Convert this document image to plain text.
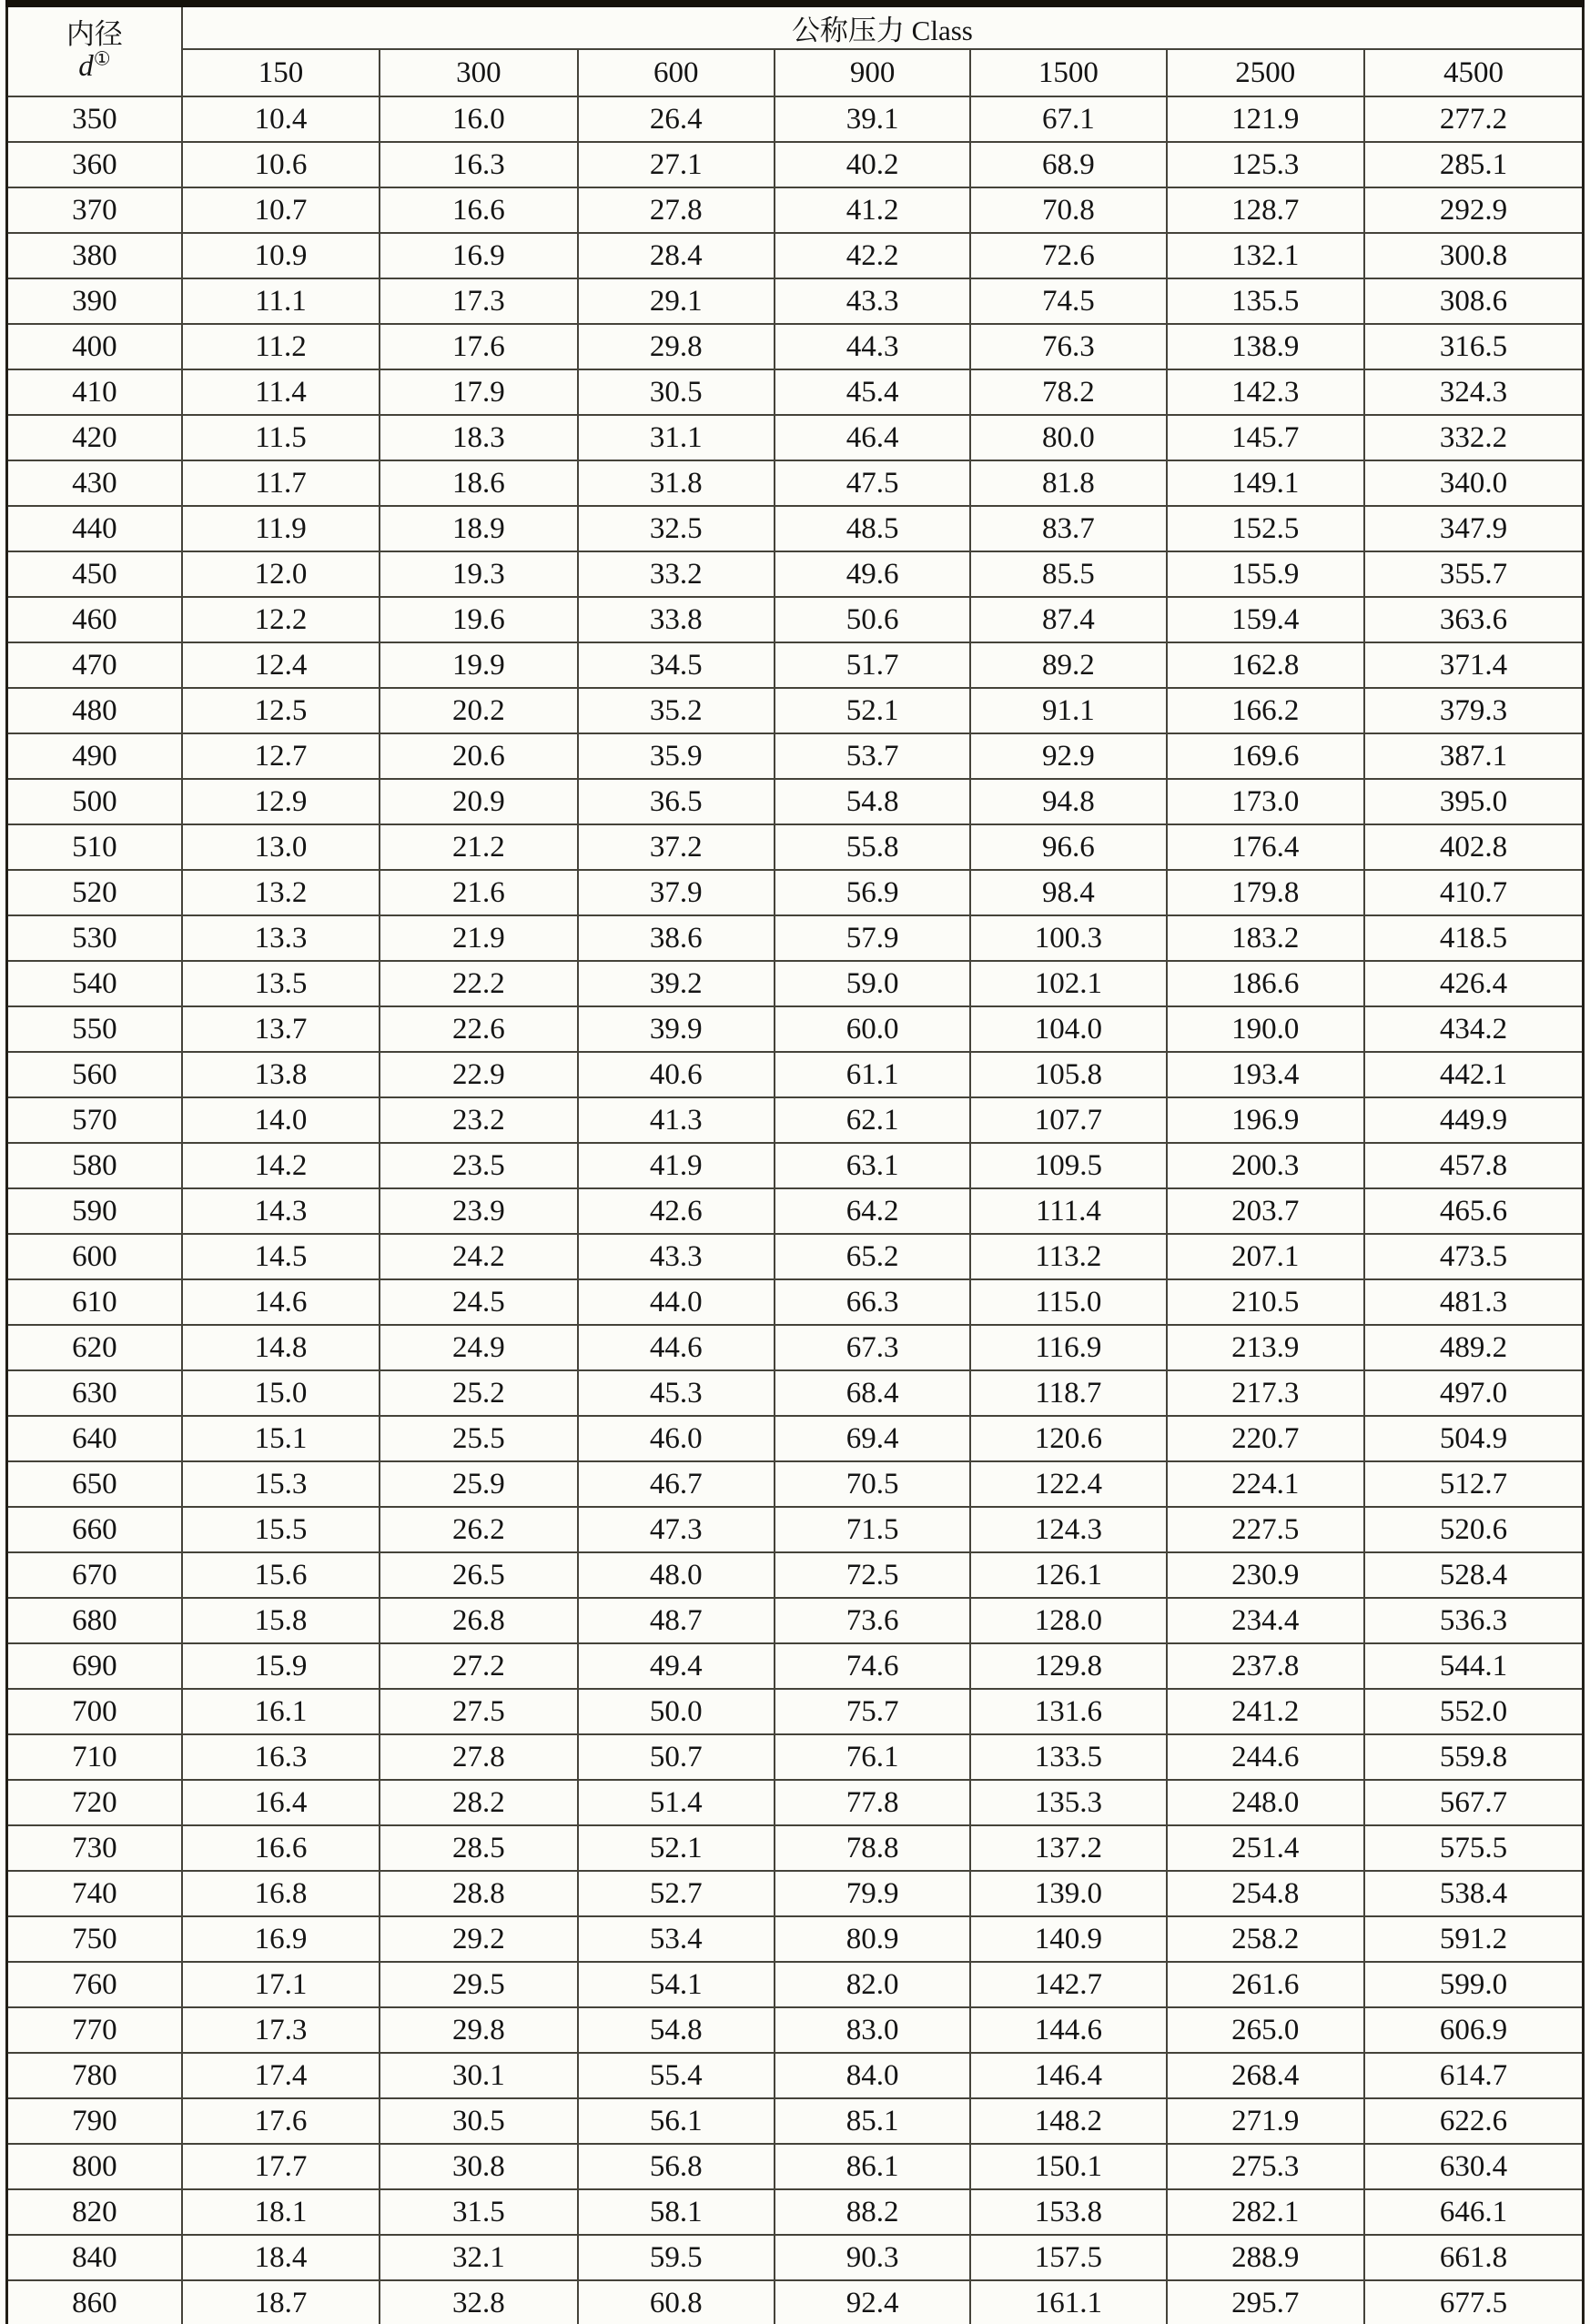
内径
d①	公称压力 Class						
	150	300	600	900	1500	2500	4500
350	10.4	16.0	26.4	39.1	67.1	121.9	277.2
360	10.6	16.3	27.1	40.2	68.9	125.3	285.1
370	10.7	16.6	27.8	41.2	70.8	128.7	292.9
380	10.9	16.9	28.4	42.2	72.6	132.1	300.8
390	11.1	17.3	29.1	43.3	74.5	135.5	308.6
400	11.2	17.6	29.8	44.3	76.3	138.9	316.5
410	11.4	17.9	30.5	45.4	78.2	142.3	324.3
420	11.5	18.3	31.1	46.4	80.0	145.7	332.2
430	11.7	18.6	31.8	47.5	81.8	149.1	340.0
440	11.9	18.9	32.5	48.5	83.7	152.5	347.9
450	12.0	19.3	33.2	49.6	85.5	155.9	355.7
460	12.2	19.6	33.8	50.6	87.4	159.4	363.6
470	12.4	19.9	34.5	51.7	89.2	162.8	371.4
480	12.5	20.2	35.2	52.1	91.1	166.2	379.3
490	12.7	20.6	35.9	53.7	92.9	169.6	387.1
500	12.9	20.9	36.5	54.8	94.8	173.0	395.0
510	13.0	21.2	37.2	55.8	96.6	176.4	402.8
520	13.2	21.6	37.9	56.9	98.4	179.8	410.7
530	13.3	21.9	38.6	57.9	100.3	183.2	418.5
540	13.5	22.2	39.2	59.0	102.1	186.6	426.4
550	13.7	22.6	39.9	60.0	104.0	190.0	434.2
560	13.8	22.9	40.6	61.1	105.8	193.4	442.1
570	14.0	23.2	41.3	62.1	107.7	196.9	449.9
580	14.2	23.5	41.9	63.1	109.5	200.3	457.8
590	14.3	23.9	42.6	64.2	111.4	203.7	465.6
600	14.5	24.2	43.3	65.2	113.2	207.1	473.5
610	14.6	24.5	44.0	66.3	115.0	210.5	481.3
620	14.8	24.9	44.6	67.3	116.9	213.9	489.2
630	15.0	25.2	45.3	68.4	118.7	217.3	497.0
640	15.1	25.5	46.0	69.4	120.6	220.7	504.9
650	15.3	25.9	46.7	70.5	122.4	224.1	512.7
660	15.5	26.2	47.3	71.5	124.3	227.5	520.6
670	15.6	26.5	48.0	72.5	126.1	230.9	528.4
680	15.8	26.8	48.7	73.6	128.0	234.4	536.3
690	15.9	27.2	49.4	74.6	129.8	237.8	544.1
700	16.1	27.5	50.0	75.7	131.6	241.2	552.0
710	16.3	27.8	50.7	76.1	133.5	244.6	559.8
720	16.4	28.2	51.4	77.8	135.3	248.0	567.7
730	16.6	28.5	52.1	78.8	137.2	251.4	575.5
740	16.8	28.8	52.7	79.9	139.0	254.8	538.4
750	16.9	29.2	53.4	80.9	140.9	258.2	591.2
760	17.1	29.5	54.1	82.0	142.7	261.6	599.0
770	17.3	29.8	54.8	83.0	144.6	265.0	606.9
780	17.4	30.1	55.4	84.0	146.4	268.4	614.7
790	17.6	30.5	56.1	85.1	148.2	271.9	622.6
800	17.7	30.8	56.8	86.1	150.1	275.3	630.4
820	18.1	31.5	58.1	88.2	153.8	282.1	646.1
840	18.4	32.1	59.5	90.3	157.5	288.9	661.8
860	18.7	32.8	60.8	92.4	161.1	295.7	677.5
